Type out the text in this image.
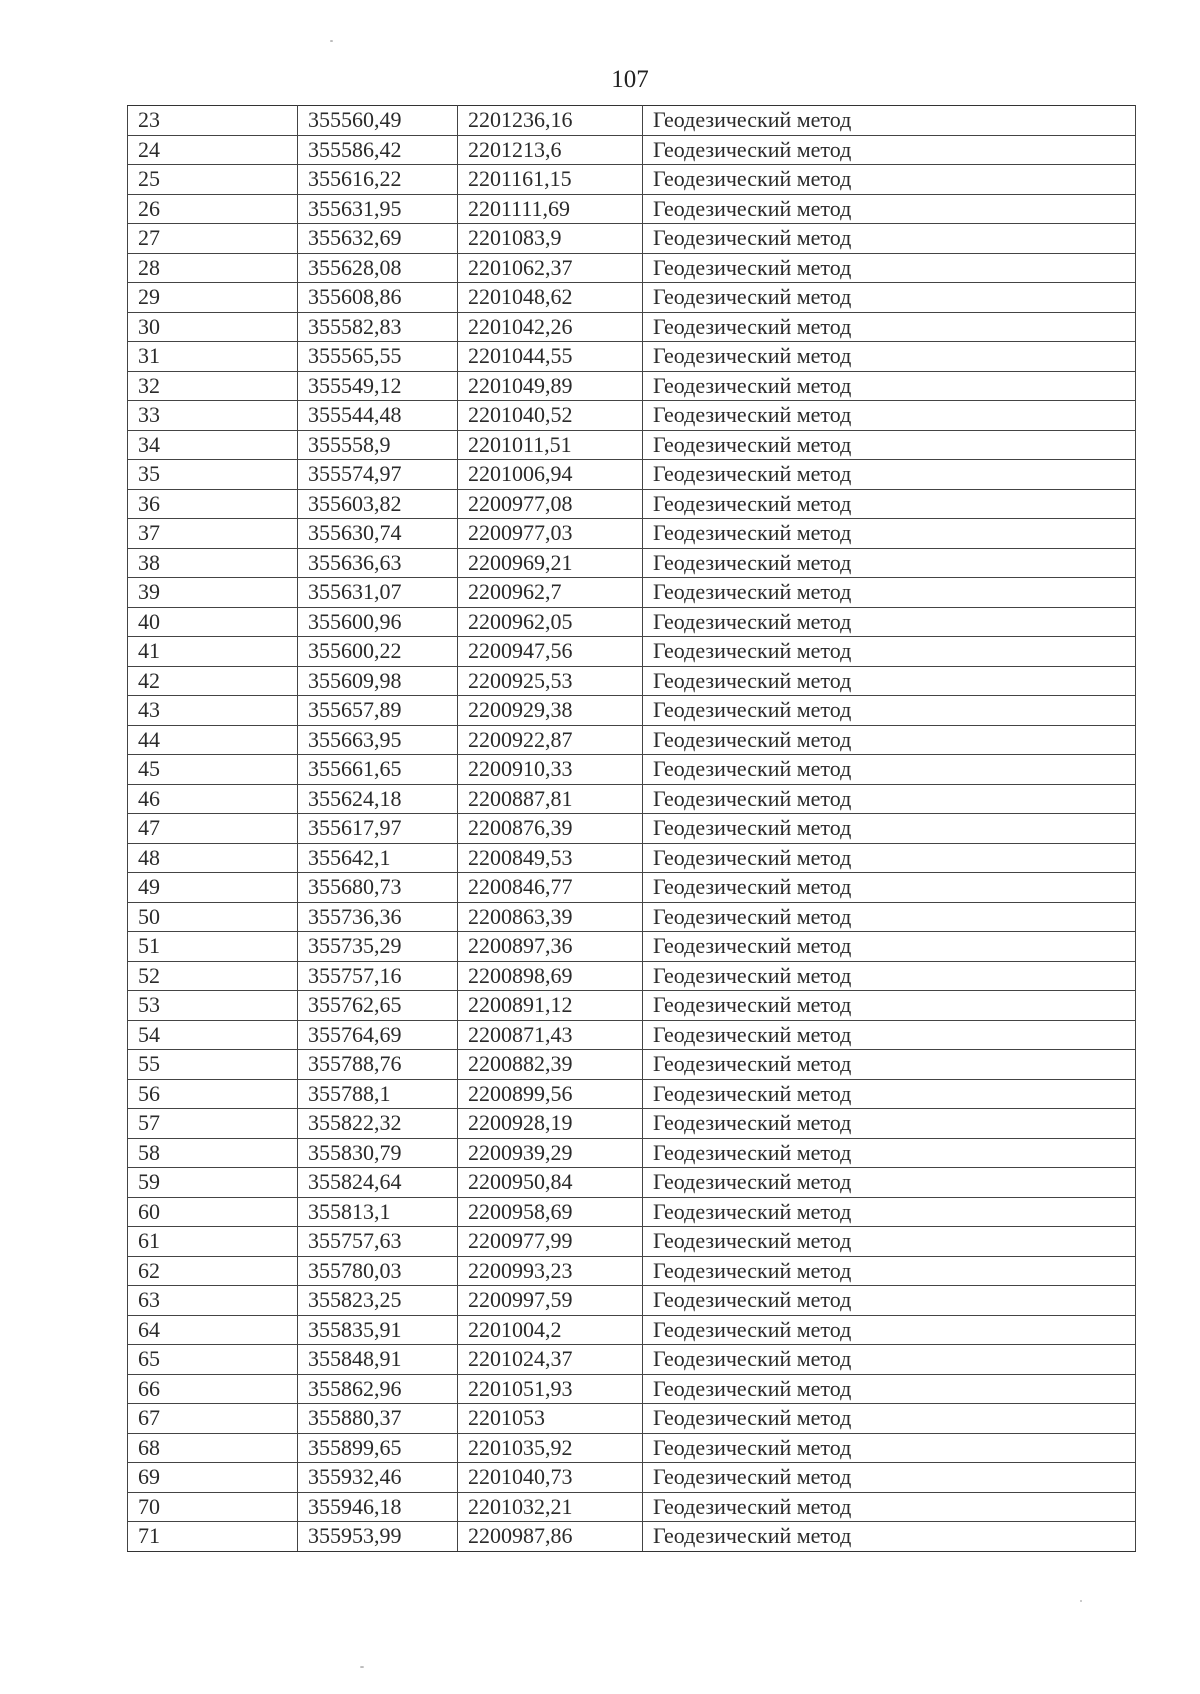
107
23	355560,49	2201236,16	Геодезический метод
24	355586,42	2201213,6	Геодезический метод
25	355616,22	2201161,15	Геодезический метод
26	355631,95	2201111,69	Геодезический метод
27	355632,69	2201083,9	Геодезический метод
28	355628,08	2201062,37	Геодезический метод
29	355608,86	2201048,62	Геодезический метод
30	355582,83	2201042,26	Геодезический метод
31	355565,55	2201044,55	Геодезический метод
32	355549,12	2201049,89	Геодезический метод
33	355544,48	2201040,52	Геодезический метод
34	355558,9	2201011,51	Геодезический метод
35	355574,97	2201006,94	Геодезический метод
36	355603,82	2200977,08	Геодезический метод
37	355630,74	2200977,03	Геодезический метод
38	355636,63	2200969,21	Геодезический метод
39	355631,07	2200962,7	Геодезический метод
40	355600,96	2200962,05	Геодезический метод
41	355600,22	2200947,56	Геодезический метод
42	355609,98	2200925,53	Геодезический метод
43	355657,89	2200929,38	Геодезический метод
44	355663,95	2200922,87	Геодезический метод
45	355661,65	2200910,33	Геодезический метод
46	355624,18	2200887,81	Геодезический метод
47	355617,97	2200876,39	Геодезический метод
48	355642,1	2200849,53	Геодезический метод
49	355680,73	2200846,77	Геодезический метод
50	355736,36	2200863,39	Геодезический метод
51	355735,29	2200897,36	Геодезический метод
52	355757,16	2200898,69	Геодезический метод
53	355762,65	2200891,12	Геодезический метод
54	355764,69	2200871,43	Геодезический метод
55	355788,76	2200882,39	Геодезический метод
56	355788,1	2200899,56	Геодезический метод
57	355822,32	2200928,19	Геодезический метод
58	355830,79	2200939,29	Геодезический метод
59	355824,64	2200950,84	Геодезический метод
60	355813,1	2200958,69	Геодезический метод
61	355757,63	2200977,99	Геодезический метод
62	355780,03	2200993,23	Геодезический метод
63	355823,25	2200997,59	Геодезический метод
64	355835,91	2201004,2	Геодезический метод
65	355848,91	2201024,37	Геодезический метод
66	355862,96	2201051,93	Геодезический метод
67	355880,37	2201053	Геодезический метод
68	355899,65	2201035,92	Геодезический метод
69	355932,46	2201040,73	Геодезический метод
70	355946,18	2201032,21	Геодезический метод
71	355953,99	2200987,86	Геодезический метод
